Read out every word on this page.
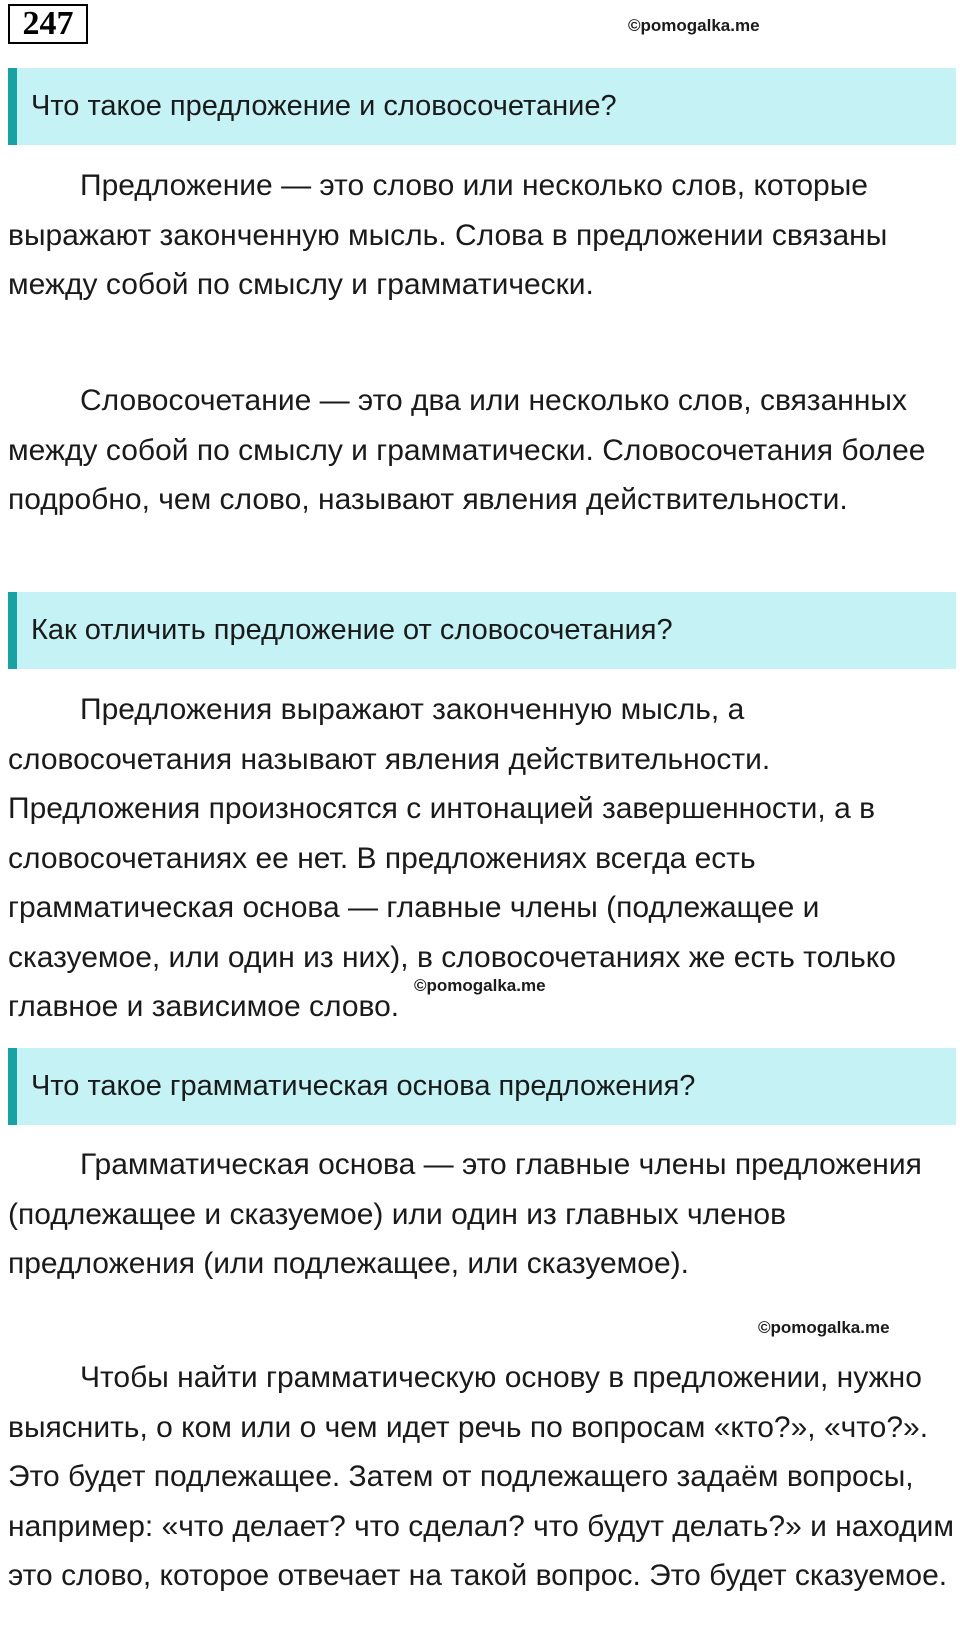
247	©pomogalka.me
Что такое предложение и словосочетание?

Предложение — это слово или несколько слов, которые выражают законченную мысль. Слова в предложении связаны между собой по смыслу и грамматически.

Словосочетание — это два или несколько слов, связанных между собой по смыслу и грамматически. Словосочетания более подробно, чем слово, называют явления действительности.

Как отличить предложение от словосочетания?

Предложения выражают законченную мысль, а словосочетания называют явления действительности. Предложения произносятся с интонацией завершенности, а в словосочетаниях ее нет. В предложениях всегда есть грамматическая основа — главные члены (подлежащее и сказуемое, или один из них), в словосочетаниях же есть только главное и зависимое слово.

©pomogalka.me
Что такое грамматическая основа предложения?

Грамматическая основа — это главные члены предложения (подлежащее и сказуемое) или один из главных членов предложения (или подлежащее, или сказуемое).

©pomogalka.me

Чтобы найти грамматическую основу в предложении, нужно выяснить, о ком или о чем идет речь по вопросам «кто?», «что?». Это будет подлежащее. Затем от подлежащего задаём вопросы, например: «что делает? что сделал? что будут делать?» и находим это слово, которое отвечает на такой вопрос. Это будет сказуемое.
